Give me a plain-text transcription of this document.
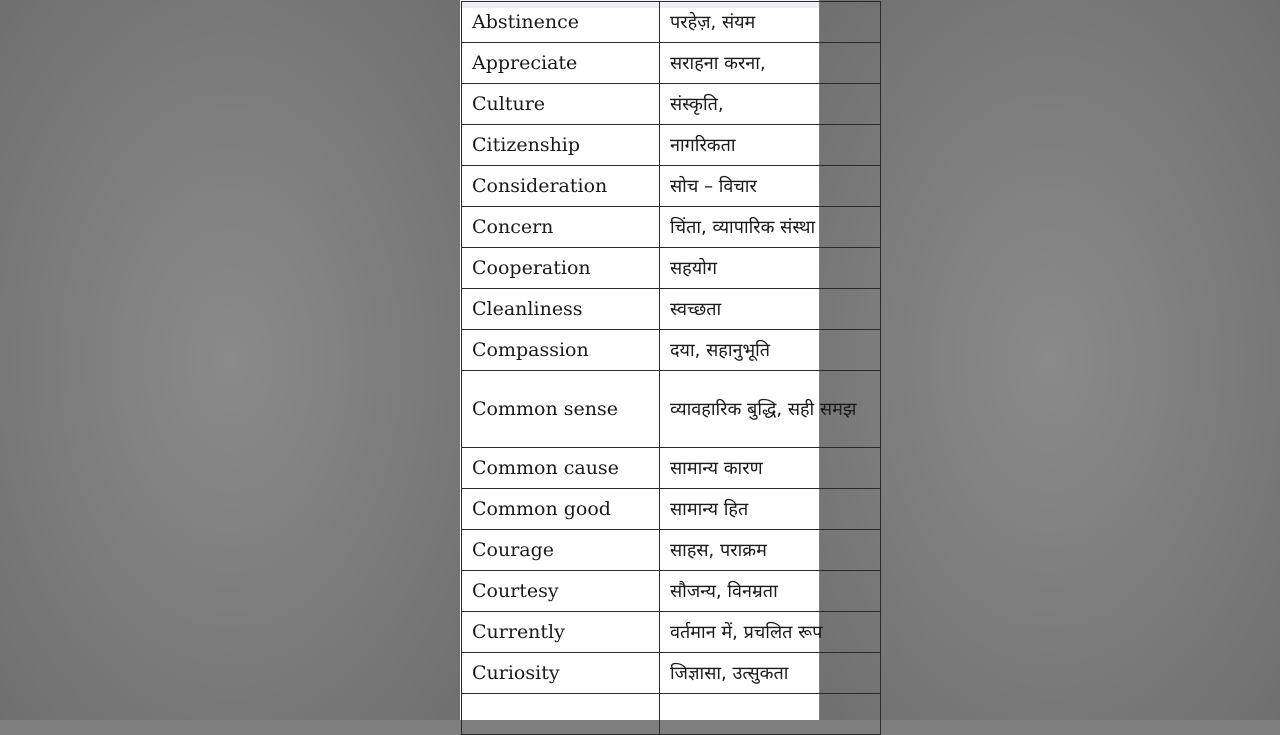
Abstinence	परहेज़, संयम
Appreciate	सराहना करना,
Culture	संस्कृति,
Citizenship	नागरिकता
Consideration	सोच – विचार
Concern	चिंता, व्यापारिक संस्था
Cooperation	सहयोग
Cleanliness	स्वच्छता
Compassion	दया, सहानुभूति
Common sense	व्यावहारिक बुद्धि, सही समझ
Common cause	सामान्य कारण
Common good	सामान्य हित
Courage	साहस, पराक्रम
Courtesy	सौजन्य, विनम्रता
Currently	वर्तमान में, प्रचलित रूप
Curiosity	जिज्ञासा, उत्सुकता
